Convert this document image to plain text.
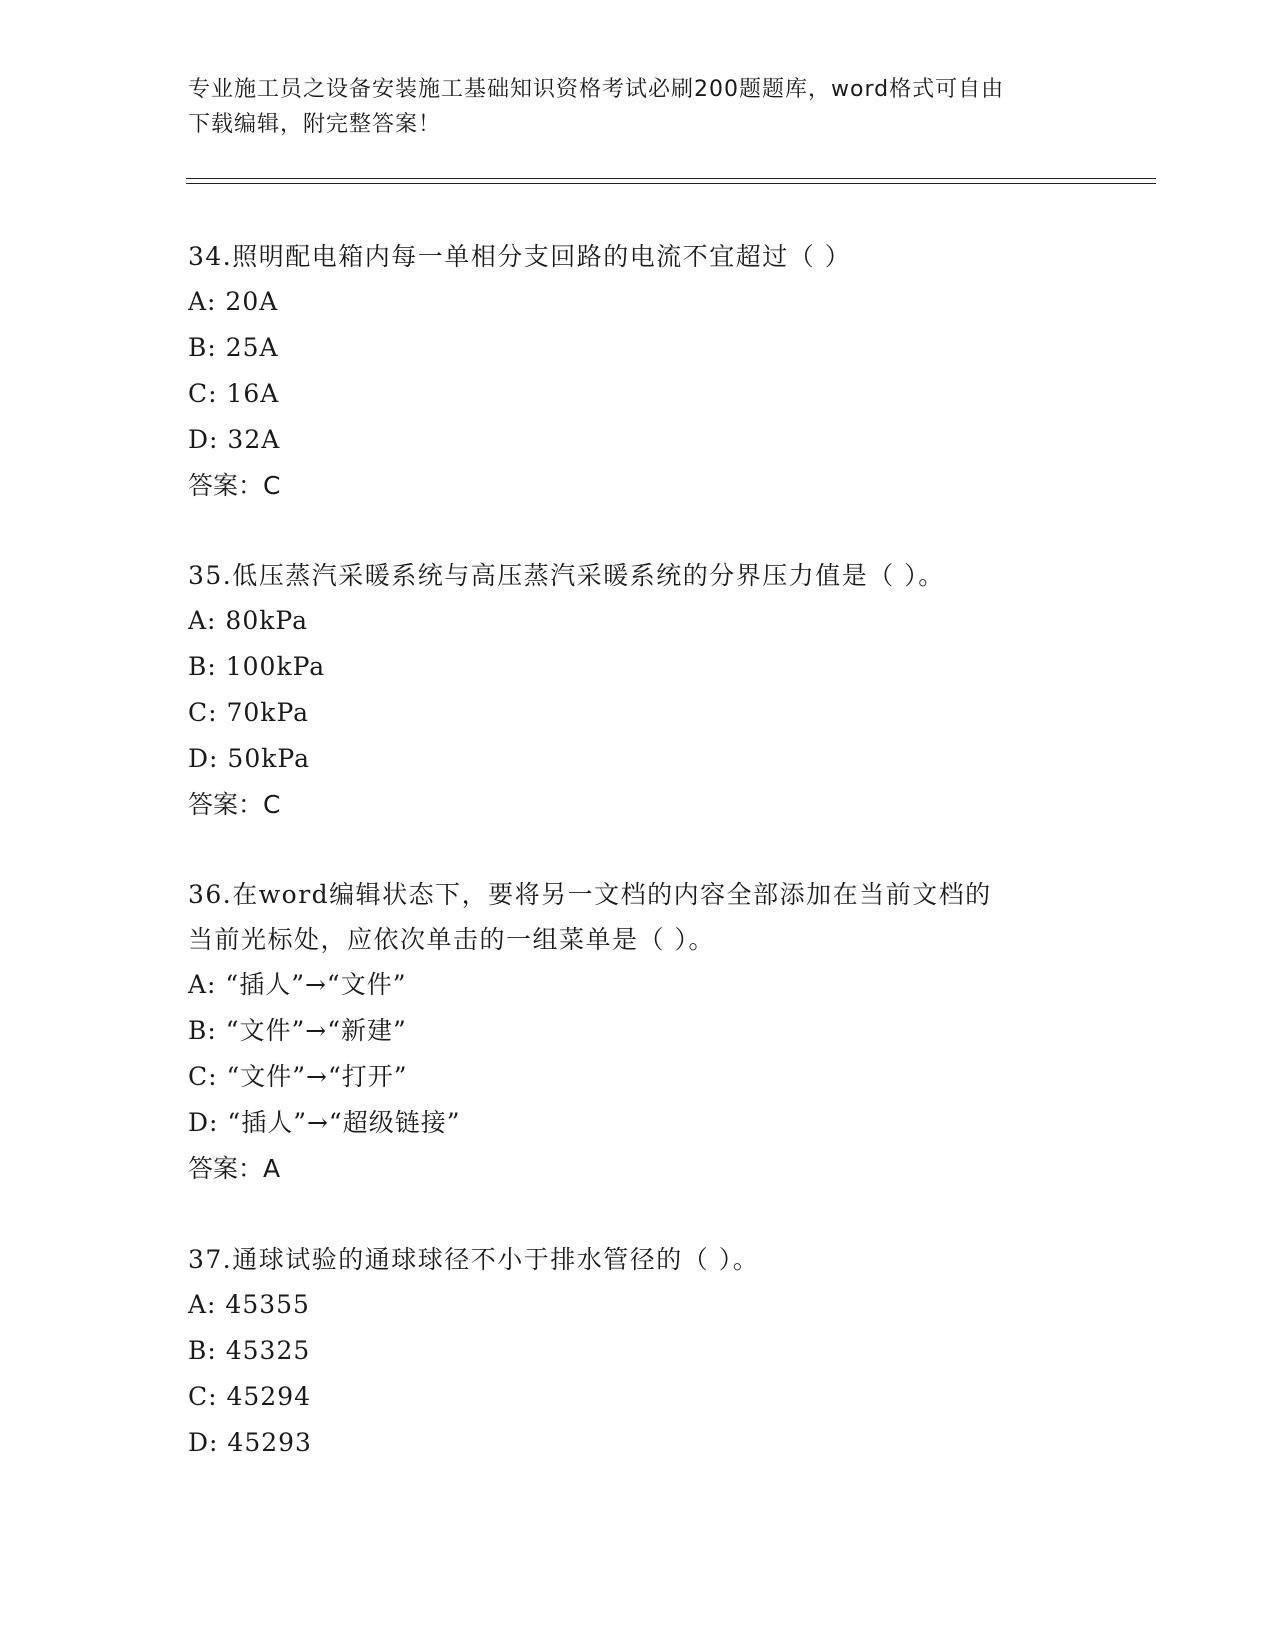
专业施工员之设备安装施工基础知识资格考试必刷200题题库，word格式可自由
下载编辑，附完整答案！

34.照明配电箱内每一单相分支回路的电流不宜超过（ ）

A: 20A

B: 25A

C: 16A

D: 32A

答案：C

35.低压蒸汽采暖系统与高压蒸汽采暖系统的分界压力值是（ ）。

A: 80kPa

B: 100kPa

C: 70kPa

D: 50kPa

答案：C

36.在word编辑状态下，要将另一文档的内容全部添加在当前文档的

当前光标处，应依次单击的一组菜单是（ ）。

A: “插人”→“文件”

B: “文件”→“新建”

C: “文件”→“打开”

D: “插人”→“超级链接”

答案：A

37.通球试验的通球球径不小于排水管径的（ ）。

A: 45355

B: 45325

C: 45294

D: 45293
